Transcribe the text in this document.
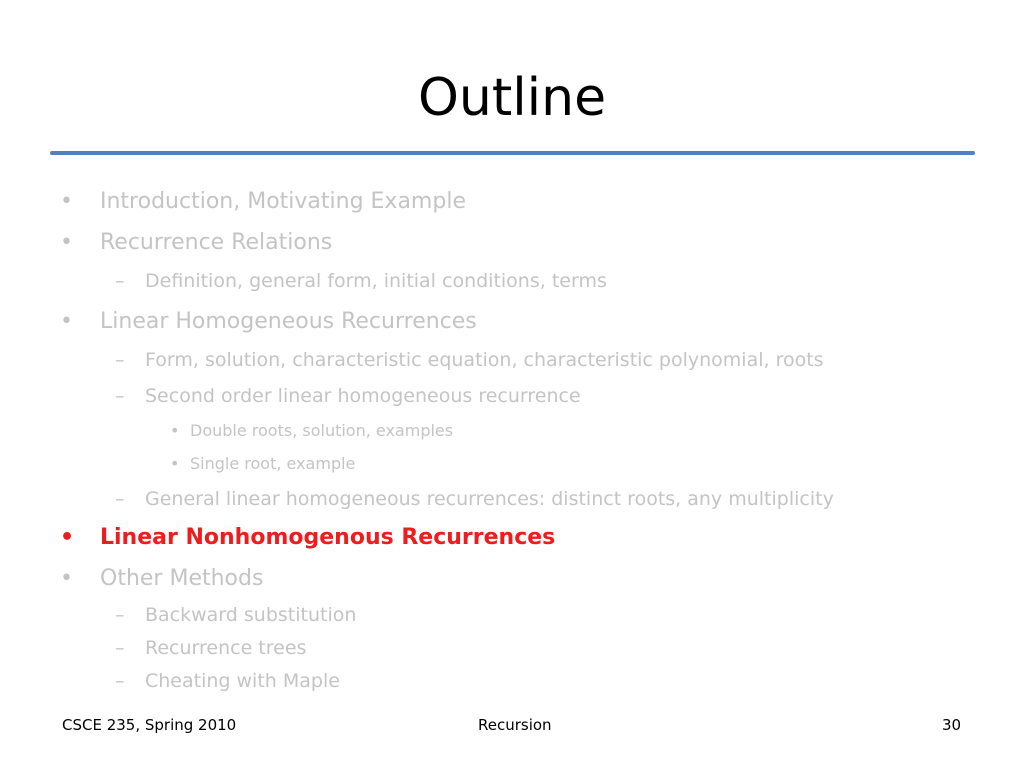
Outline
• Introduction, Motivating Example
• Recurrence Relations
– Definition, general form, initial conditions, terms
• Linear Homogeneous Recurrences
– Form, solution, characteristic equation, characteristic polynomial, roots
– Second order linear homogeneous recurrence
• Double roots, solution, examples
• Single root, example
– General linear homogeneous recurrences: distinct roots, any multiplicity
• Linear Nonhomogenous Recurrences
• Other Methods
– Backward substitution
– Recurrence trees
– Cheating with Maple
CSCE 235, Spring 2010	Recursion	30
